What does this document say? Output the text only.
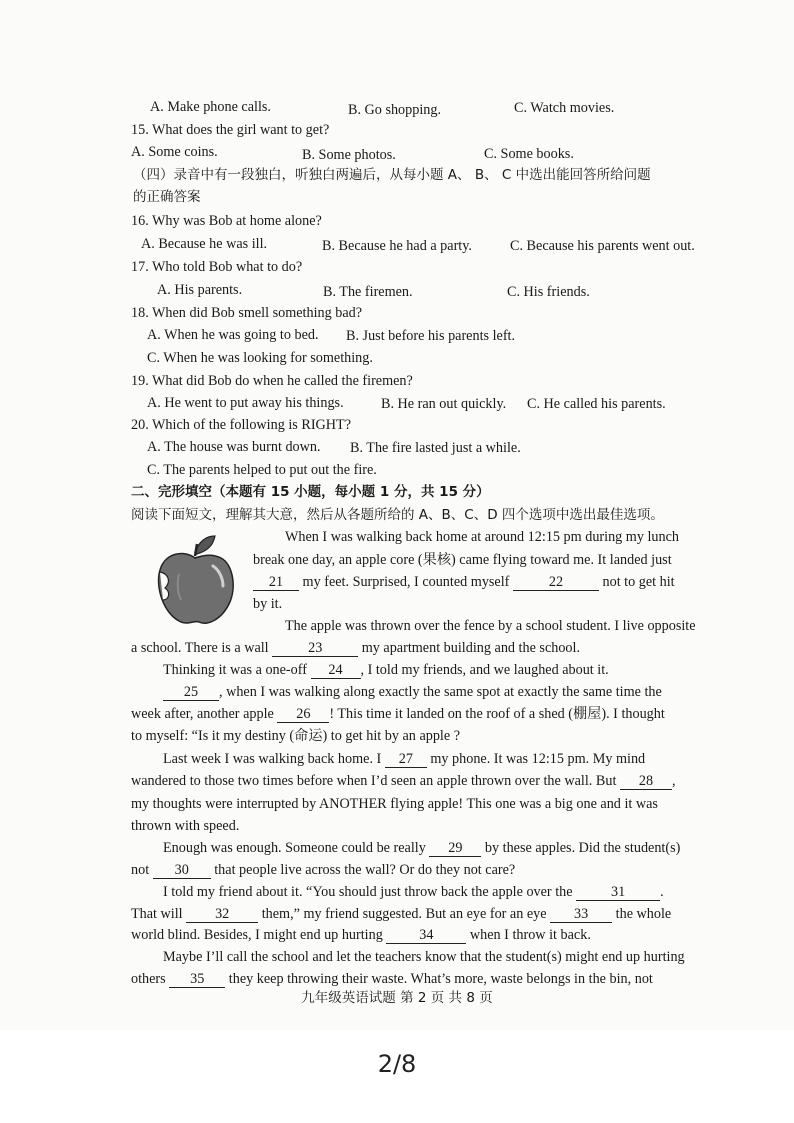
A. Make phone calls.	B. Go shopping.	C. Watch movies.
15. What does the girl want to get?
A. Some coins.	B. Some photos.	C. Some books.
（四）录音中有一段独白，听独白两遍后，从每小题 A、 B、 C 中选出能回答所给问题
的正确答案
16. Why was Bob at home alone?
A. Because he was ill.	B. Because he had a party.	C. Because his parents went out.
17. Who told Bob what to do?
A. His parents.	B. The firemen.	C. His friends.
18. When did Bob smell something bad?
A. When he was going to bed. B. Just before his parents left.
C. When he was looking for something.
19. What did Bob do when he called the firemen?
A. He went to put away his things.	B. He ran out quickly. C. He called his parents.
20. Which of the following is RIGHT?
A. The house was burnt down. B. The fire lasted just a while.
C. The parents helped to put out the fire.
二、完形填空（本题有 15 小题，每小题 1 分，共 15 分）
阅读下面短文，理解其大意，然后从各题所给的 A、B、C、D 四个选项中选出最佳选项。
When I was walking back home at around 12:15 pm during my lunch
break one day, an apple core (果核) came flying toward me. It landed just
21 my feet. Surprised, I counted myself	22	not to get hit
by it.
The apple was thrown over the fence by a school student. I live opposite
a school. There is a wall	23	my apartment building and the school.
Thinking it was a one-off 24 , I told my friends, and we laughed about it.
25 , when I was walking along exactly the same spot at exactly the same time the
week after, another apple 26 ! This time it landed on the roof of a shed (棚屋). I thought
to myself: “Is it my destiny (命运) to get hit by an apple ?
Last week I was walking back home. I 27 my phone. It was 12:15 pm. My mind
wandered to those two times before when I’d seen an apple thrown over the wall. But 28 ,
my thoughts were interrupted by ANOTHER flying apple! This one was a big one and it was
thrown with speed.
Enough was enough. Someone could be really 29 by these apples. Did the student(s)
not 30 that people live across the wall? Or do they not care?
I told my friend about it. “You should just throw back the apple over the	31 .
That will 32 them,” my friend suggested. But an eye for an eye 33 the whole
world blind. Besides, I might end up hurting	34	when I throw it back.
Maybe I’ll call the school and let the teachers know that the student(s) might end up hurting
others 35 they keep throwing their waste. What’s more, waste belongs in the bin, not
九年级英语试题 第 2 页 共 8 页
2/8
